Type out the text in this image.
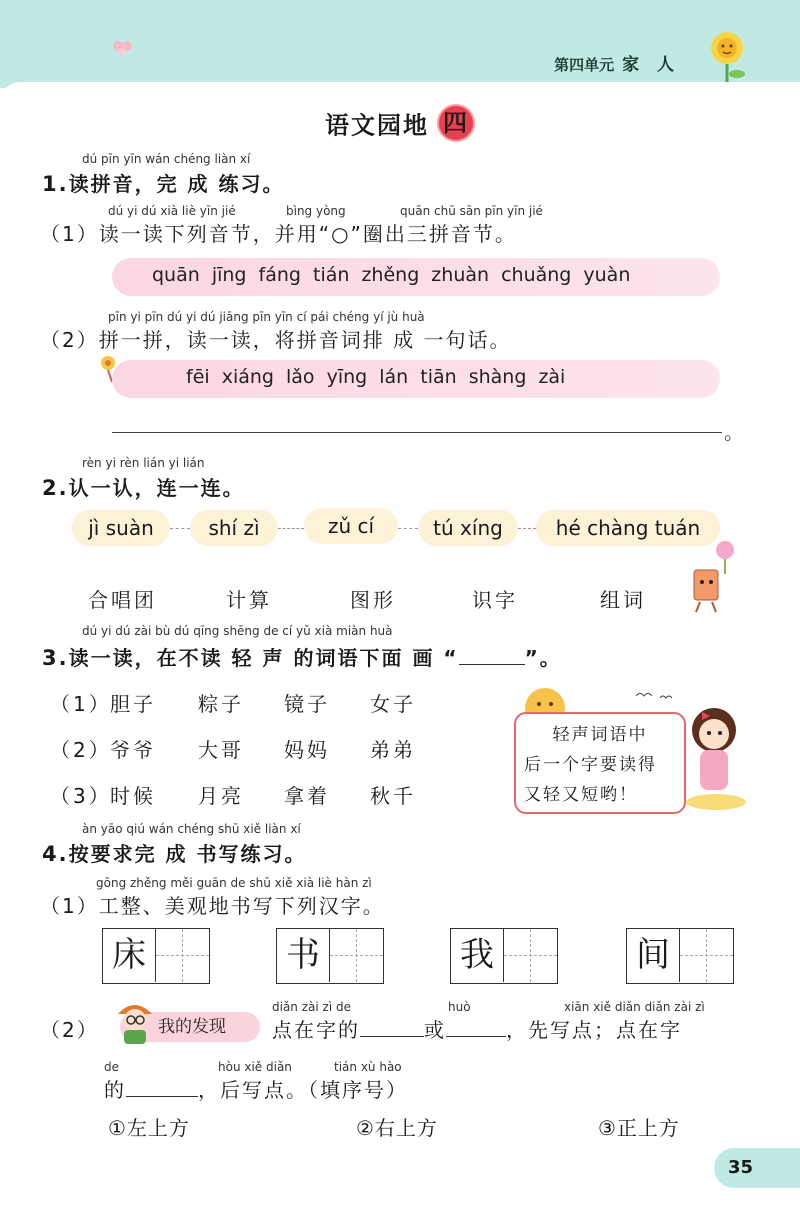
第四单元 家 人
语文园地 四
dú pīn yīn wán chéng liàn xí
1.读拼音，完 成 练习。
dú yi dú xià liè yīn jié	bìng yòng	quān chū sān pīn yīn jié
（1）读一读下列音节，并用“○”圈出三拼音节。
quān jīng fáng tián zhěng zhuàn chuǎng yuàn
pīn yi pīn dú yi dú jiāng pīn yīn cí pái chéng yí jù huà
（2）拼一拼，读一读，将拼音词排 成 一句话。
fēi xiáng lǎo yīng lán tiān shàng zài
。
rèn yi rèn lián yi lián
2.认一认，连一连。
jì suàn	shí zì	zǔ cí	tú xíng	hé chàng tuán
合唱团	计算	图形	识字	组词
dú yi dú zài bù dú qīng shēng de cí yǔ xià miàn huà
3.读一读，在不读 轻 声 的词语下面 画 “	”。
（1）
胆子 粽子 镜子 女子
（2）
爷爷 大哥 妈妈 弟弟
（3）
时候 月亮 拿着 秋千
轻声词语中
后一个字要读得
又轻又短哟！
àn yāo qiú wán chéng shū xiě liàn xí
4.按要求完 成 书写练习。
gōng zhěng měi guān de shū xiě xià liè hàn zì
（1）工整、美观地书写下列汉字。
床	书	我	间
（2）	我的发现
diǎn zài zì de	huò	xiān xiě diǎn diǎn zài zì
点在字的	或	，先写点；点在字
de	hòu xiě diǎn	tián xù hào
的	，后写点。（填序号）
①左上方	②右上方	③正上方
35
